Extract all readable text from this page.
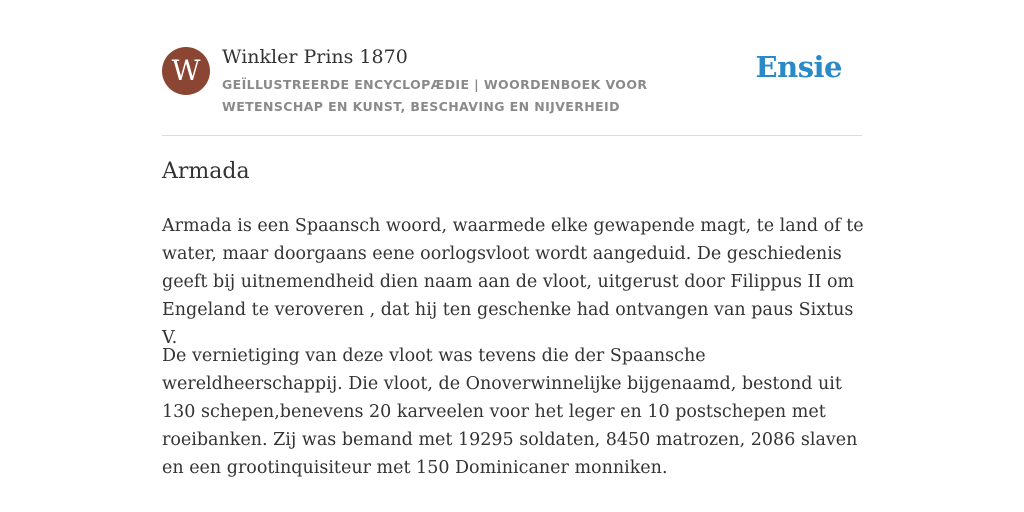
W	Winkler Prins 1870
GEÏLLUSTREERDE ENCYCLOPÆDIE | WOORDENBOEK VOOR WETENSCHAP EN KUNST, BESCHAVING EN NIJVERHEID
Ensie
Armada

Armada is een Spaansch woord, waarmede elke gewapende magt, te land of te water, maar doorgaans eene oorlogsvloot wordt aangeduid. De geschiedenis geeft bij uitnemendheid dien naam aan de vloot, uitgerust door Filippus II om Engeland te veroveren , dat hij ten geschenke had ontvangen van paus Sixtus V.

De vernietiging van deze vloot was tevens die der Spaansche wereldheerschappij. Die vloot, de Onoverwinnelijke bijgenaamd, bestond uit 130 schepen,benevens 20 karveelen voor het leger en 10 postschepen met roeibanken. Zij was bemand met 19295 soldaten, 8450 matrozen, 2086 slaven en een grootinquisiteur met 150 Dominicaner monniken.
